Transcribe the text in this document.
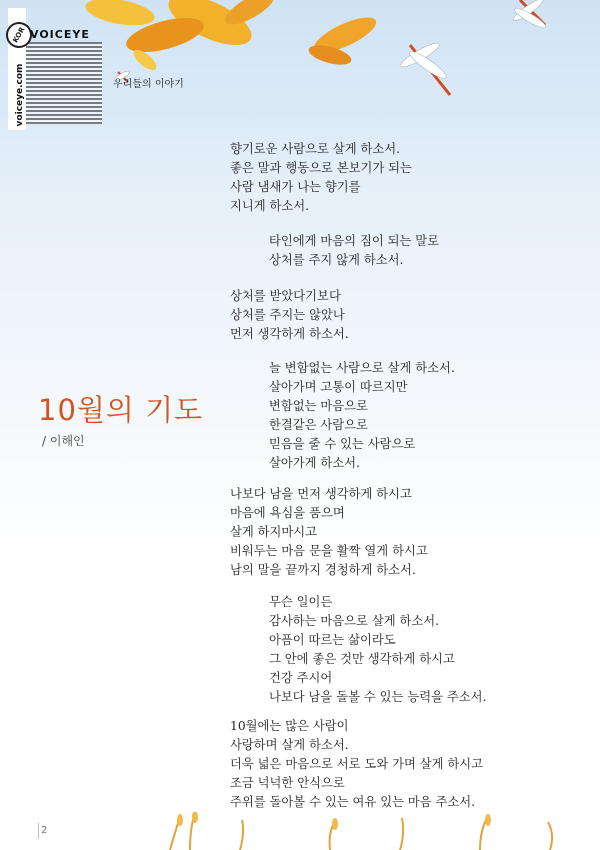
KOR VOICEYE
voiceye.com	우리들의 이야기
10월의 기도
/ 이해인
향기로운 사람으로 살게 하소서.
좋은 말과 행동으로 본보기가 되는
사람 냄새가 나는 향기를
지니게 하소서.
타인에게 마음의 짐이 되는 말로
상처를 주지 않게 하소서.
상처를 받았다기보다
상처를 주지는 않았나
먼저 생각하게 하소서.
늘 변함없는 사람으로 살게 하소서.
살아가며 고통이 따르지만
변함없는 마음으로
한결같은 사람으로
믿음을 줄 수 있는 사람으로
살아가게 하소서.
나보다 남을 먼저 생각하게 하시고
마음에 욕심을 품으며
살게 하지마시고
비워두는 마음 문을 활짝 열게 하시고
남의 말을 끝까지 경청하게 하소서.
무슨 일이든
감사하는 마음으로 살게 하소서.
아픔이 따르는 삶이라도
그 안에 좋은 것만 생각하게 하시고
건강 주시어
나보다 남을 돌볼 수 있는 능력을 주소서.
10월에는 많은 사람이
사랑하며 살게 하소서.
더욱 넓은 마음으로 서로 도와 가며 살게 하시고
조금 넉넉한 안식으로
주위를 돌아볼 수 있는 여유 있는 마음 주소서.
2
